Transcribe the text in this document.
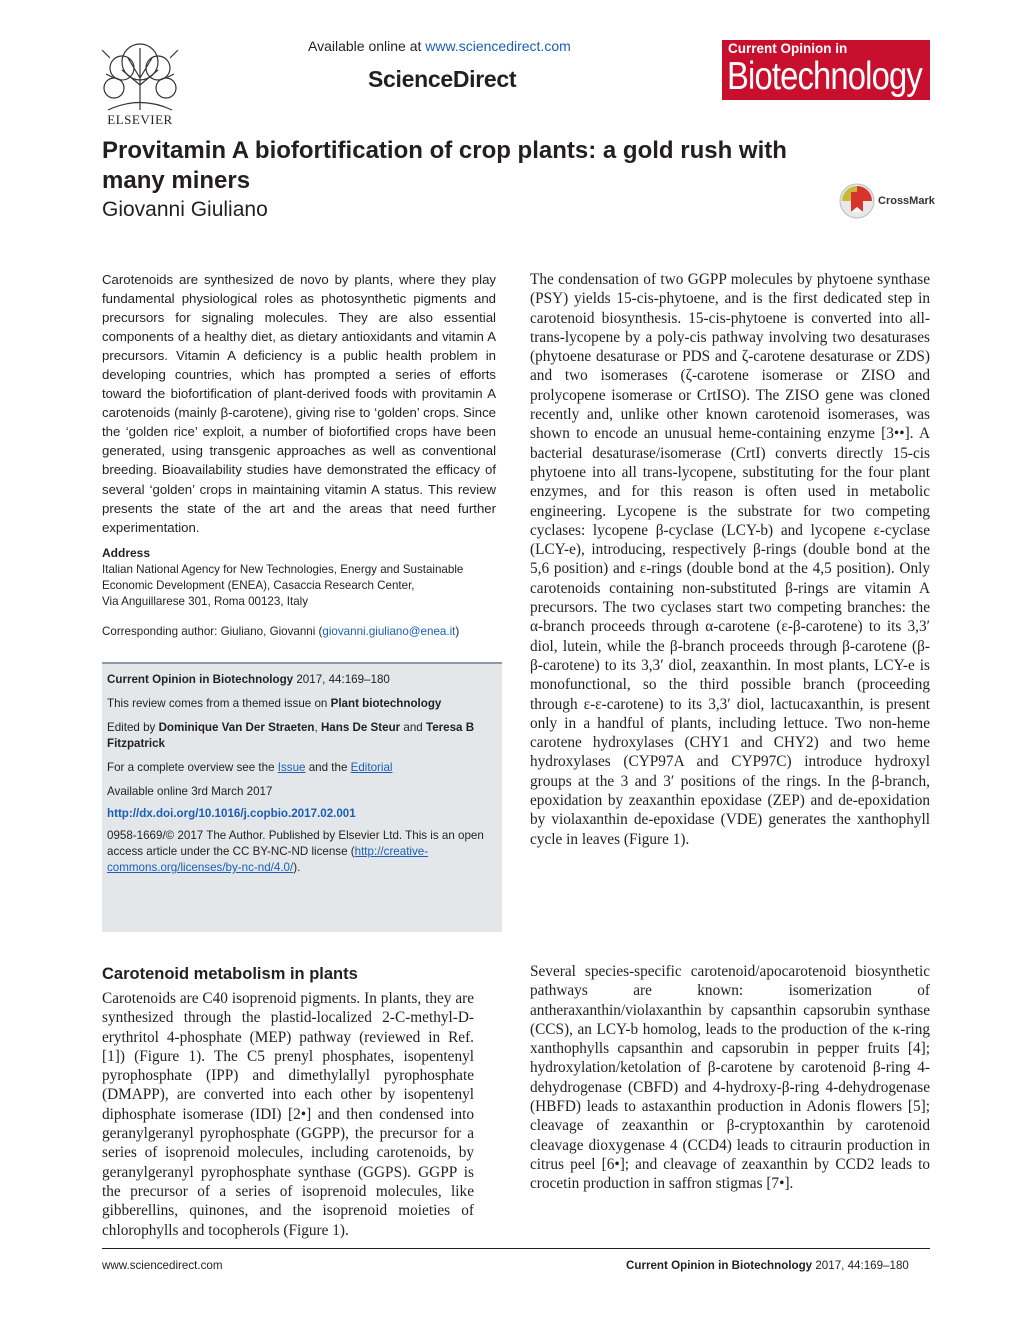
ELSEVIER
Available online at www.sciencedirect.com
ScienceDirect
Current Opinion in
Biotechnology
Provitamin A biofortification of crop plants: a gold rush with many miners
Giovanni Giuliano	CrossMark
Carotenoids are synthesized de novo by plants, where they play fundamental physiological roles as photosynthetic pigments and precursors for signaling molecules. They are also essential components of a healthy diet, as dietary antioxidants and vitamin A precursors. Vitamin A deficiency is a public health problem in developing countries, which has prompted a series of efforts toward the biofortification of plant-derived foods with provitamin A carotenoids (mainly β-carotene), giving rise to ‘golden’ crops. Since the ‘golden rice’ exploit, a number of biofortified crops have been generated, using transgenic approaches as well as conventional breeding. Bioavailability studies have demonstrated the efficacy of several ‘golden’ crops in maintaining vitamin A status. This review presents the state of the art and the areas that need further experimentation.
Address
Italian National Agency for New Technologies, Energy and Sustainable
Economic Development (ENEA), Casaccia Research Center,
Via Anguillarese 301, Roma 00123, Italy
Corresponding author: Giuliano, Giovanni (giovanni.giuliano@enea.it)
Current Opinion in Biotechnology 2017, 44:169–180
This review comes from a themed issue on Plant biotechnology
Edited by Dominique Van Der Straeten, Hans De Steur and Teresa B Fitzpatrick
For a complete overview see the Issue and the Editorial
Available online 3rd March 2017
http://dx.doi.org/10.1016/j.copbio.2017.02.001
0958-1669/© 2017 The Author. Published by Elsevier Ltd. This is an open access article under the CC BY-NC-ND license (http://creative-commons.org/licenses/by-nc-nd/4.0/).
Carotenoid metabolism in plants
Carotenoids are C40 isoprenoid pigments. In plants, they are synthesized through the plastid-localized 2-C-methyl-D-erythritol 4-phosphate (MEP) pathway (reviewed in Ref. [1]) (Figure 1). The C5 prenyl phosphates, isopentenyl pyrophosphate (IPP) and dimethylallyl pyrophosphate (DMAPP), are converted into each other by isopentenyl diphosphate isomerase (IDI) [2•] and then condensed into geranylgeranyl pyrophosphate (GGPP), the precursor for a series of isoprenoid molecules, including carotenoids, by geranylgeranyl pyrophosphate synthase (GGPS). GGPP is the precursor of a series of isoprenoid molecules, like gibberellins, quinones, and the isoprenoid moieties of chlorophylls and tocopherols (Figure 1).
The condensation of two GGPP molecules by phytoene synthase (PSY) yields 15-cis-phytoene, and is the first dedicated step in carotenoid biosynthesis. 15-cis-phytoene is converted into all-trans-lycopene by a poly-cis pathway involving two desaturases (phytoene desaturase or PDS and ζ-carotene desaturase or ZDS) and two isomerases (ζ-carotene isomerase or ZISO and prolycopene isomerase or CrtISO). The ZISO gene was cloned recently and, unlike other known carotenoid isomerases, was shown to encode an unusual heme-containing enzyme [3••]. A bacterial desaturase/isomerase (CrtI) converts directly 15-cis phytoene into all trans-lycopene, substituting for the four plant enzymes, and for this reason is often used in metabolic engineering. Lycopene is the substrate for two competing cyclases: lycopene β-cyclase (LCY-b) and lycopene ε-cyclase (LCY-e), introducing, respectively β-rings (double bond at the 5,6 position) and ε-rings (double bond at the 4,5 position). Only carotenoids containing non-substituted β-rings are vitamin A precursors. The two cyclases start two competing branches: the α-branch proceeds through α-carotene (ε-β-carotene) to its 3,3′ diol, lutein, while the β-branch proceeds through β-carotene (β-β-carotene) to its 3,3′ diol, zeaxanthin. In most plants, LCY-e is monofunctional, so the third possible branch (proceeding through ε-ε-carotene) to its 3,3′ diol, lactucaxanthin, is present only in a handful of plants, including lettuce. Two non-heme carotene hydroxylases (CHY1 and CHY2) and two heme hydroxylases (CYP97A and CYP97C) introduce hydroxyl groups at the 3 and 3′ positions of the rings. In the β-branch, epoxidation by zeaxanthin epoxidase (ZEP) and de-epoxidation by violaxanthin de-epoxidase (VDE) generates the xanthophyll cycle in leaves (Figure 1).
Several species-specific carotenoid/apocarotenoid biosynthetic pathways are known: isomerization of antheraxanthin/violaxanthin by capsanthin capsorubin synthase (CCS), an LCY-b homolog, leads to the production of the κ-ring xanthophylls capsanthin and capsorubin in pepper fruits [4]; hydroxylation/ketolation of β-carotene by carotenoid β-ring 4-dehydrogenase (CBFD) and 4-hydroxy-β-ring 4-dehydrogenase (HBFD) leads to astaxanthin production in Adonis flowers [5]; cleavage of zeaxanthin or β-cryptoxanthin by carotenoid cleavage dioxygenase 4 (CCD4) leads to citraurin production in citrus peel [6•]; and cleavage of zeaxanthin by CCD2 leads to crocetin production in saffron stigmas [7•].
www.sciencedirect.com	Current Opinion in Biotechnology 2017, 44:169–180
